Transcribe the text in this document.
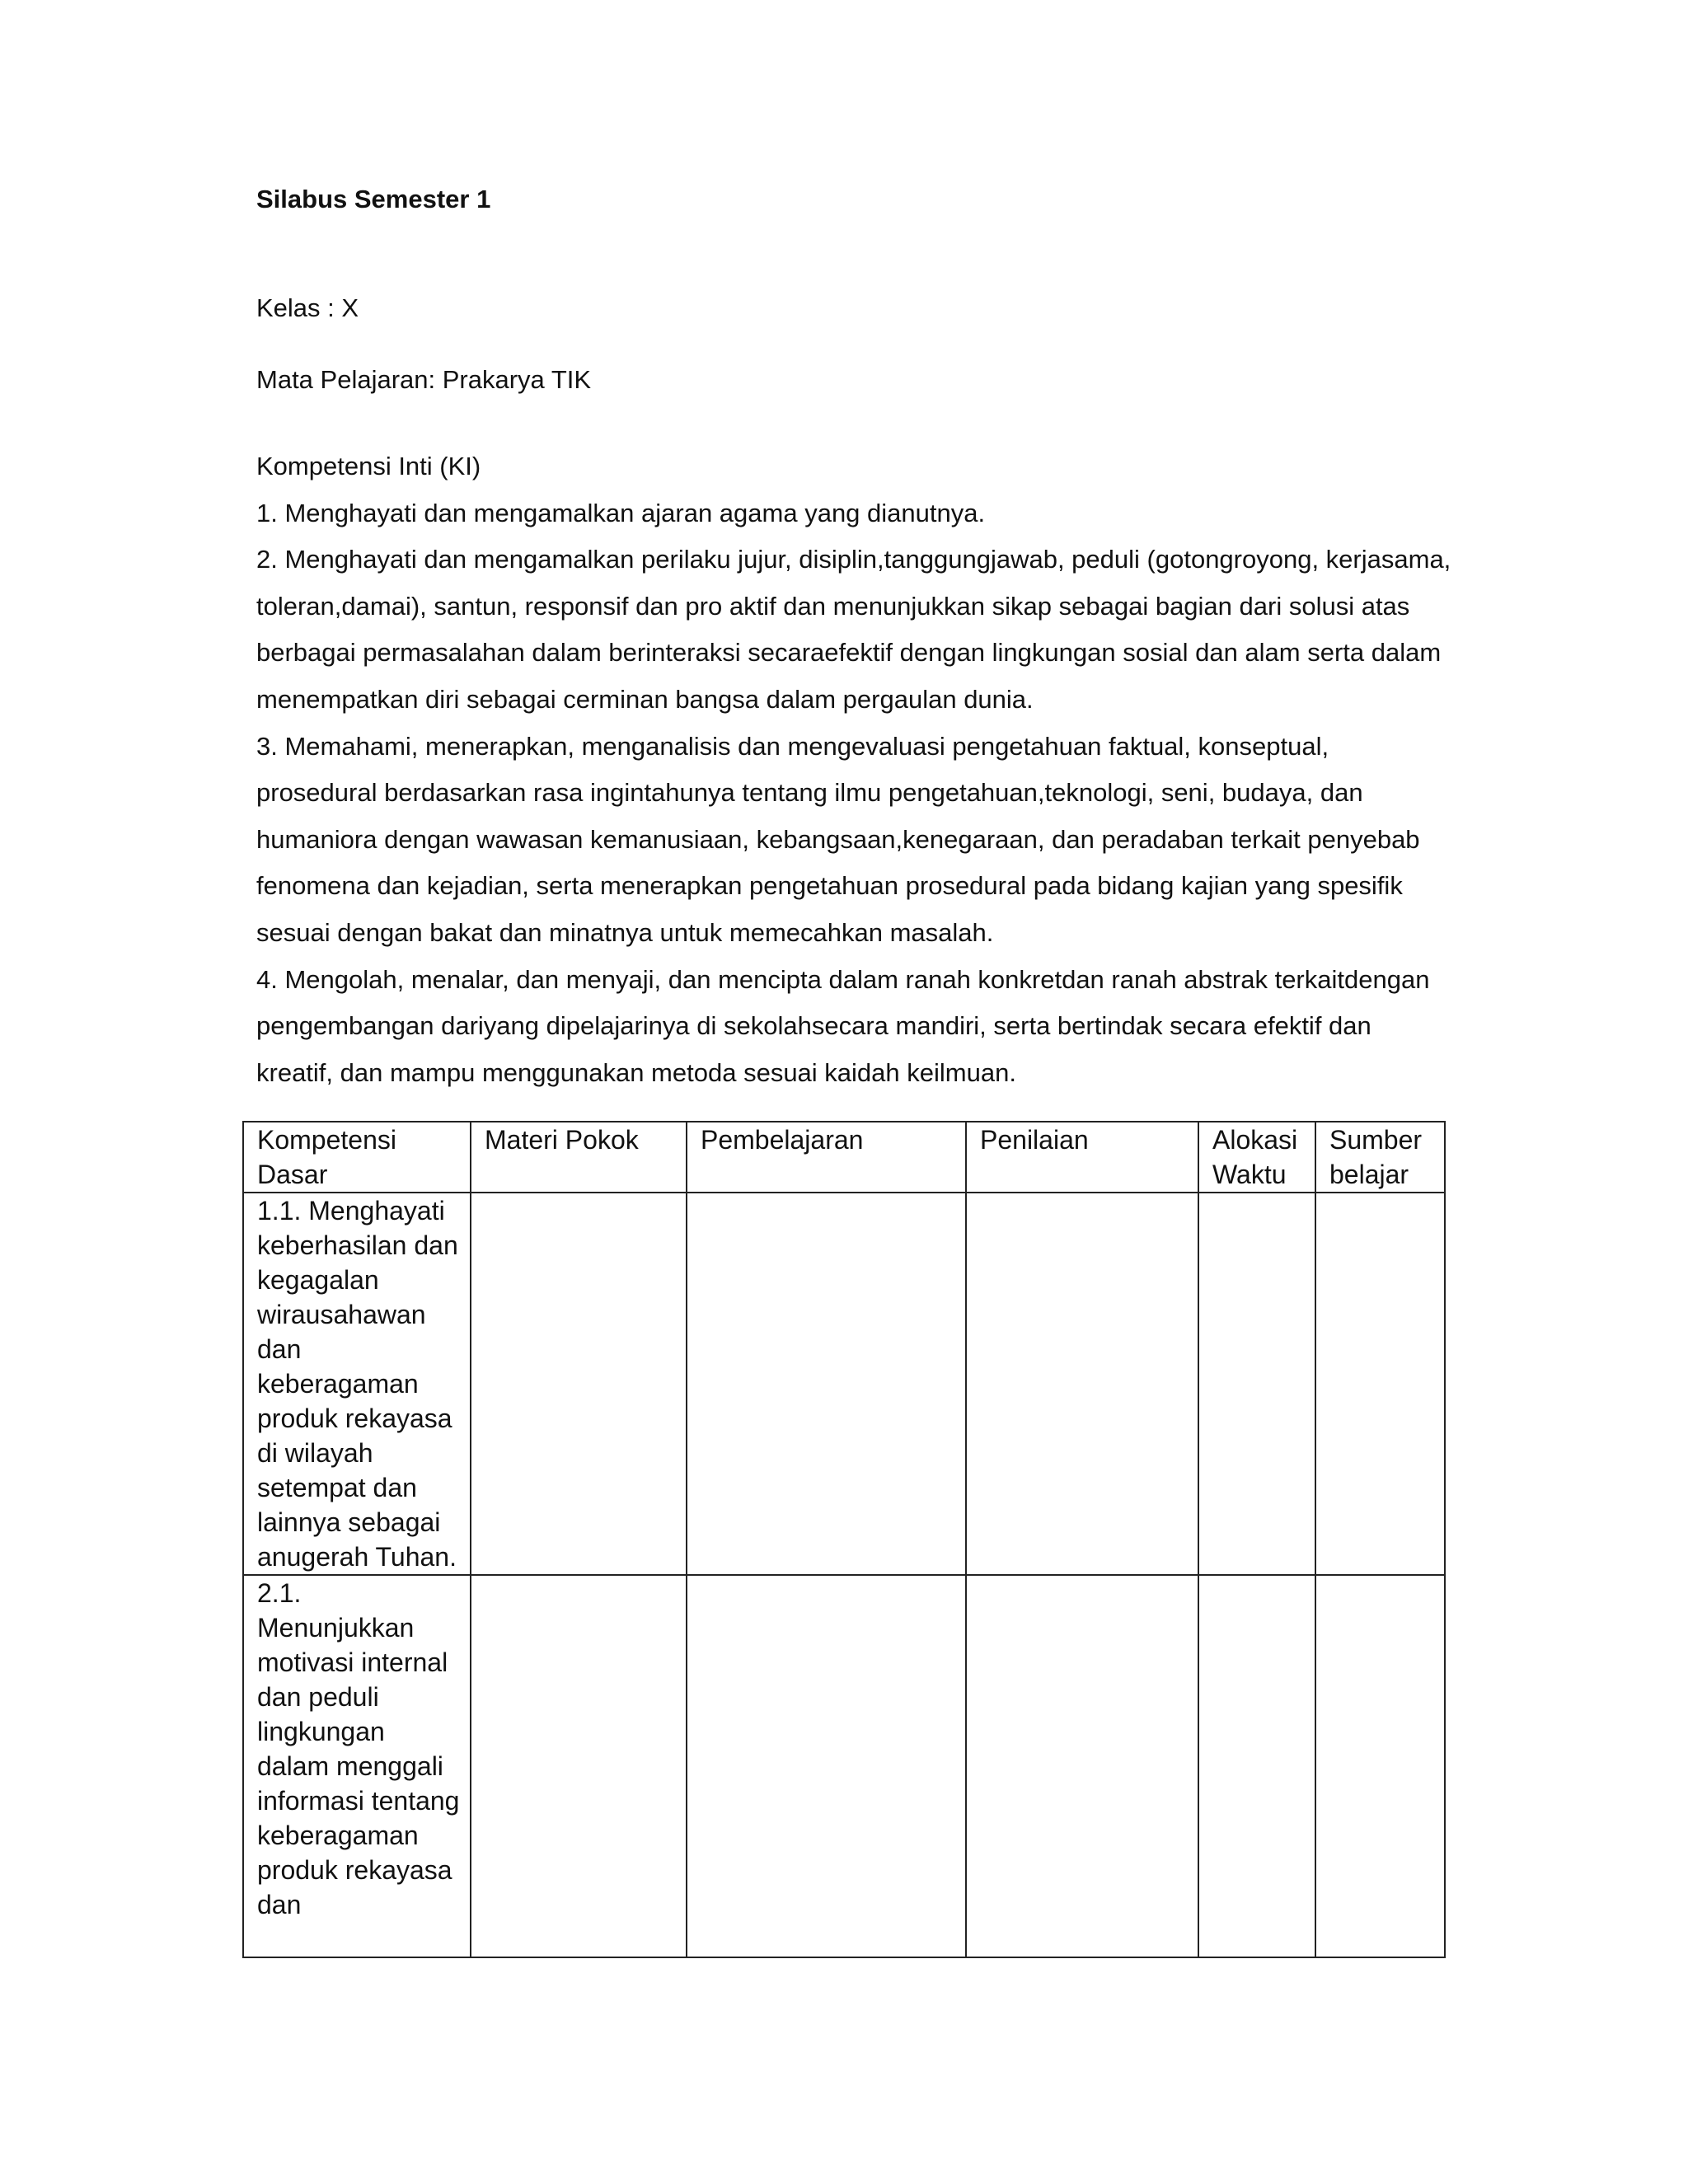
Silabus Semester 1
Kelas : X
Mata Pelajaran: Prakarya TIK

Kompetensi Inti (KI)

1. Menghayati dan mengamalkan ajaran agama yang dianutnya.

2. Menghayati dan mengamalkan perilaku jujur, disiplin,tanggungjawab, peduli (gotongroyong, kerjasama, toleran,damai), santun, responsif dan pro aktif dan menunjukkan sikap sebagai bagian dari solusi atas berbagai permasalahan dalam berinteraksi secaraefektif dengan lingkungan sosial dan alam serta dalam menempatkan diri sebagai cerminan bangsa dalam pergaulan dunia.

3. Memahami, menerapkan, menganalisis dan mengevaluasi pengetahuan faktual, konseptual, prosedural berdasarkan rasa ingintahunya tentang ilmu pengetahuan,teknologi, seni, budaya, dan humaniora dengan wawasan kemanusiaan, kebangsaan,kenegaraan, dan peradaban terkait penyebab fenomena dan kejadian, serta menerapkan pengetahuan prosedural pada bidang kajian yang spesifik sesuai dengan bakat dan minatnya untuk memecahkan masalah.

4. Mengolah, menalar, dan menyaji, dan mencipta dalam ranah konkretdan ranah abstrak terkaitdengan pengembangan dariyang dipelajarinya di sekolahsecara mandiri, serta bertindak secara efektif dan kreatif, dan mampu menggunakan metoda sesuai kaidah keilmuan.

Kompetensi Dasar	Materi Pokok	Pembelajaran	Penilaian	Alokasi Waktu	Sumber belajar
1.1. Menghayati keberhasilan dan kegagalan wirausahawan dan keberagaman produk rekayasa di wilayah setempat dan lainnya sebagai anugerah Tuhan.					
2.1. Menunjukkan motivasi internal dan peduli lingkungan dalam menggali informasi tentang keberagaman produk rekayasa dan					
